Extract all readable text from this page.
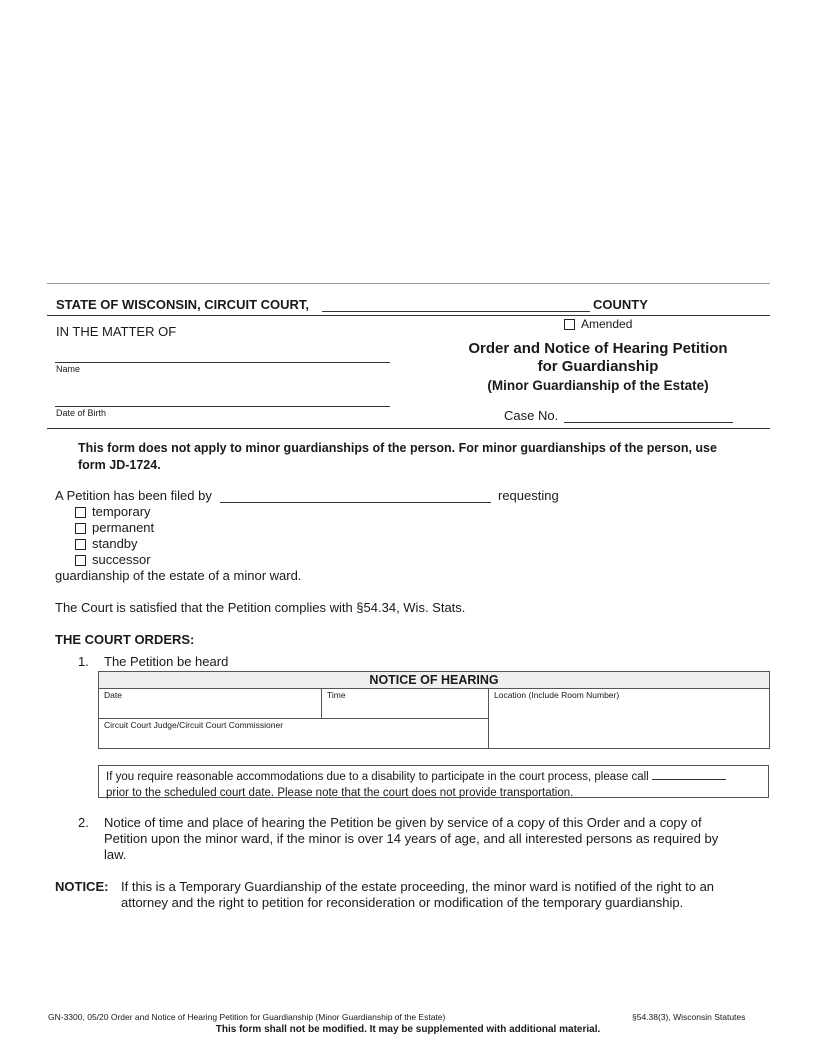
STATE OF WISCONSIN, CIRCUIT COURT,	COUNTY
Amended
IN THE MATTER OF
Name
Date of Birth
Order and Notice of Hearing Petition
for Guardianship
(Minor Guardianship of the Estate)
Case No.
This form does not apply to minor guardianships of the person. For minor guardianships of the person, use form JD-1724.
A Petition has been filed by	requesting
temporary
permanent
standby
successor
guardianship of the estate of a minor ward.
The Court is satisfied that the Petition complies with §54.34, Wis. Stats.
THE COURT ORDERS:
1. The Petition be heard
NOTICE OF HEARING
Date	Time	Location (Include Room Number)
Circuit Court Judge/Circuit Court Commissioner
If you require reasonable accommodations due to a disability to participate in the court process, please call
prior to the scheduled court date. Please note that the court does not provide transportation.
2. Notice of time and place of hearing the Petition be given by service of a copy of this Order and a copy of Petition upon the minor ward, if the minor is over 14 years of age, and all interested persons as required by law.
NOTICE: If this is a Temporary Guardianship of the estate proceeding, the minor ward is notified of the right to an attorney and the right to petition for reconsideration or modification of the temporary guardianship.
GN-3300, 05/20 Order and Notice of Hearing Petition for Guardianship (Minor Guardianship of the Estate)	§54.38(3), Wisconsin Statutes
This form shall not be modified. It may be supplemented with additional material.
